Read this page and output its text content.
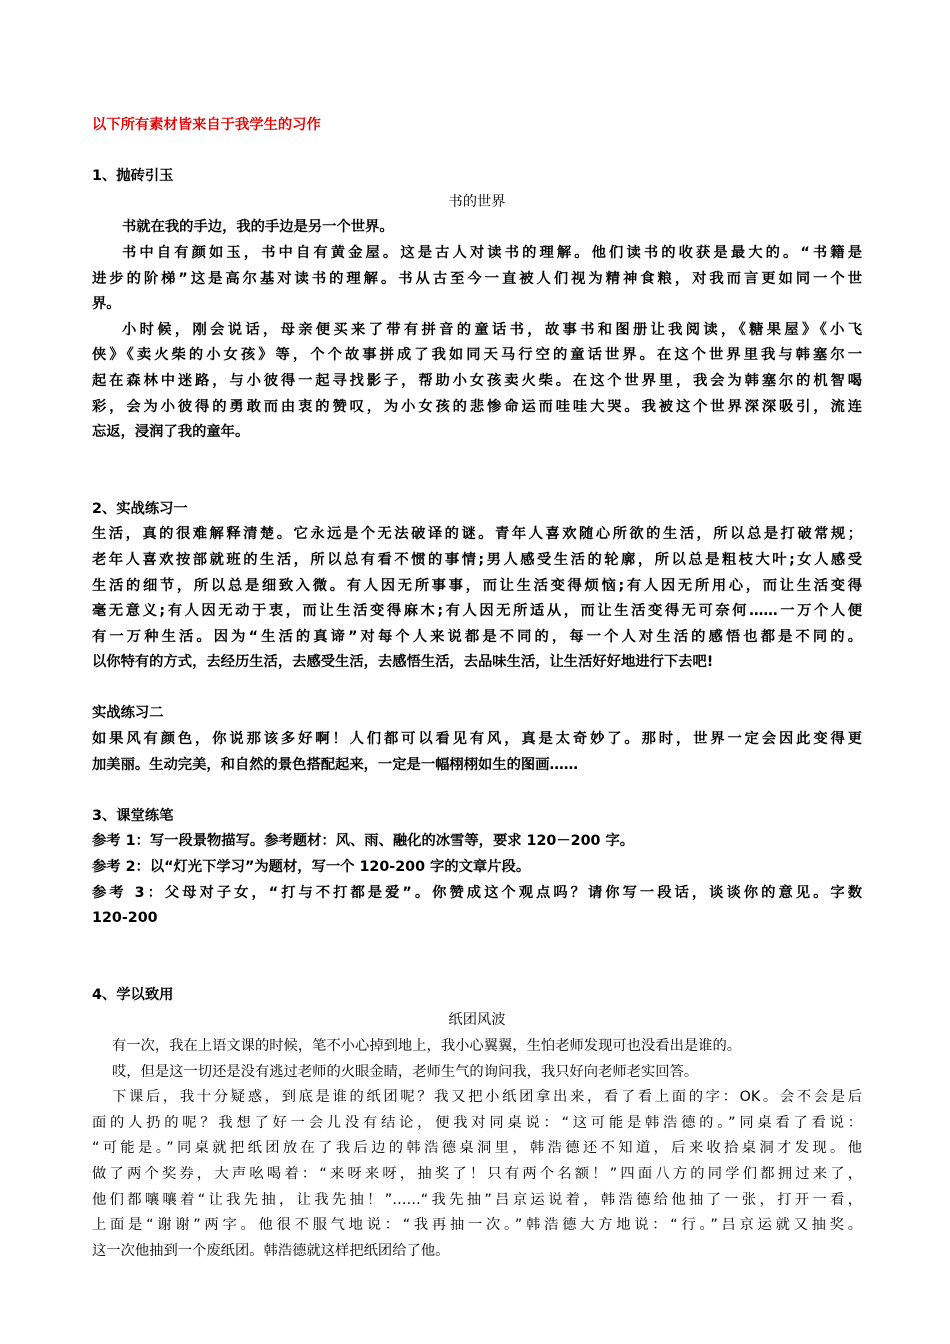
以下所有素材皆来自于我学生的习作
1、抛砖引玉
书的世界
书就在我的手边，我的手边是另一个世界。
书中自有颜如玉，书中自有黄金屋。这是古人对读书的理解。他们读书的收获是最大的。“书籍是
进步的阶梯”这是高尔基对读书的理解。书从古至今一直被人们视为精神食粮，对我而言更如同一个世
界。
小时候，刚会说话，母亲便买来了带有拼音的童话书，故事书和图册让我阅读，《糖果屋》《小飞
侠》《卖火柴的小女孩》等，个个故事拼成了我如同天马行空的童话世界。在这个世界里我与韩塞尔一
起在森林中迷路，与小彼得一起寻找影子，帮助小女孩卖火柴。在这个世界里，我会为韩塞尔的机智喝
彩，会为小彼得的勇敢而由衷的赞叹，为小女孩的悲惨命运而哇哇大哭。我被这个世界深深吸引，流连
忘返，浸润了我的童年。
2、实战练习一
生活，真的很难解释清楚。它永远是个无法破译的谜。青年人喜欢随心所欲的生活，所以总是打破常规；
老年人喜欢按部就班的生活，所以总有看不惯的事情;男人感受生活的轮廓，所以总是粗枝大叶;女人感受
生活的细节，所以总是细致入微。有人因无所事事，而让生活变得烦恼;有人因无所用心，而让生活变得
毫无意义;有人因无动于衷，而让生活变得麻木;有人因无所适从，而让生活变得无可奈何……一万个人便
有一万种生活。因为“生活的真谛”对每个人来说都是不同的，每一个人对生活的感悟也都是不同的。
以你特有的方式，去经历生活，去感受生活，去感悟生活，去品味生活，让生活好好地进行下去吧!
实战练习二
如果风有颜色，你说那该多好啊！人们都可以看见有风，真是太奇妙了。那时，世界一定会因此变得更
加美丽。生动完美，和自然的景色搭配起来，一定是一幅栩栩如生的图画……
3、课堂练笔
参考 1：写一段景物描写。参考题材：风、雨、融化的冰雪等，要求 120－200 字。
参考 2：以“灯光下学习”为题材，写一个 120-200 字的文章片段。
参考 3：父母对子女，“打与不打都是爱”。你赞成这个观点吗？请你写一段话，谈谈你的意见。字数
120-200
4、学以致用
纸团风波
有一次，我在上语文课的时候，笔不小心掉到地上，我小心翼翼，生怕老师发现可也没看出是谁的。
哎，但是这一切还是没有逃过老师的火眼金睛，老师生气的询问我，我只好向老师老实回答。
下课后，我十分疑惑，到底是谁的纸团呢？我又把小纸团拿出来，看了看上面的字：OK。会不会是后
面的人扔的呢？我想了好一会儿没有结论，便我对同桌说：“这可能是韩浩德的。”同桌看了看说：
“可能是。”同桌就把纸团放在了我后边的韩浩德桌洞里，韩浩德还不知道，后来收拾桌洞才发现。他
做了两个奖券，大声吆喝着：“来呀来呀，抽奖了！只有两个名额！”四面八方的同学们都拥过来了，
他们都嚷嚷着“让我先抽，让我先抽！”……“我先抽”吕京运说着，韩浩德给他抽了一张，打开一看，
上面是“谢谢”两字。他很不服气地说：“我再抽一次。”韩浩德大方地说：“行。”吕京运就又抽奖。
这一次他抽到一个废纸团。韩浩德就这样把纸团给了他。
